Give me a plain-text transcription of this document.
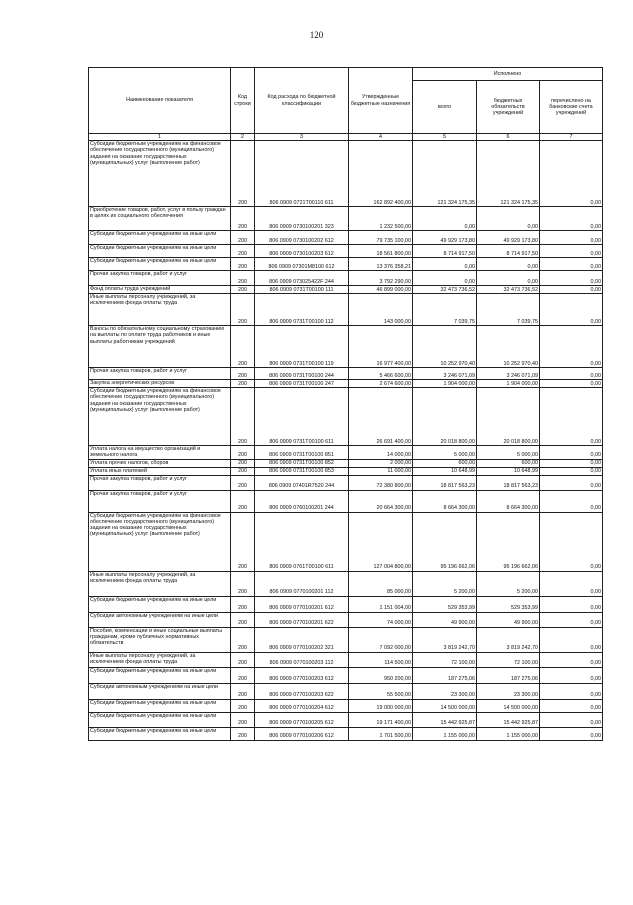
120
Наименование показателя	Код строки	Код расхода по бюджетной классификации	Утвержденные бюджетные назначения	Исполнено		
				всего	бюджетных обязательств учреждений	перечислено на банковские счета учреждений
1	2	3	4	5	6	7
Субсидии бюджетным учреждениям на финансовое обеспечение государственного (муниципального) задания на оказание государственных (муниципальных) услуг (выполнение работ)	200	806 0909 0721Т00110 611	162 892 400,00	121 324 175,35	121 324 175,35	0,00
Приобретение товаров, работ, услуг в пользу граждан в целях их социального обеспечения	200	806 0909 0730100201 323	1 232 500,00	0,00	0,00	0,00
Субсидии бюджетным учреждениям на иные цели	200	806 0909 0730100202 612	79 735 100,00	49 929 173,80	49 929 173,80	0,00
Субсидии бюджетным учреждениям на иные цели	200	806 0909 0730100203 612	18 561 800,00	8 714 917,50	8 714 917,50	0,00
Субсидии бюджетным учреждениям на иные цели	200	806 0909 07301М8100 612	13 376 358,21	0,00	0,00	0,00
Прочая закупка товаров, работ и услуг	200	806 0909 073025422F 244	3 792 290,00	0,00	0,00	0,00
Фонд оплаты труда учреждений	200	806 0909 0731Т00100 111	46 899 000,00	32 473 736,52	32 473 736,52	0,00
Иные выплаты персоналу учреждений, за исключением фонда оплаты труда	200	806 0909 0731Т00100 112	143 000,00	7 039,75	7 039,75	0,00
Взносы по обязательному социальному страхованию на выплаты по оплате труда работников и иные выплаты работникам учреждений	200	806 0909 0731Т00100 119	16 977 400,00	10 252 970,40	10 252 970,40	0,00
Прочая закупка товаров, работ и услуг	200	806 0909 0731Т00100 244	5 466 600,00	3 246 071,09	3 246 071,09	0,00
Закупка энергетических ресурсов	200	806 0909 0731Т00100 247	2 674 600,00	1 904 000,00	1 904 000,00	0,00
Субсидии бюджетным учреждениям на финансовое обеспечение государственного (муниципального) задания на оказание государственных (муниципальных) услуг (выполнение работ)	200	806 0909 0731Т00100 611	26 691 400,00	20 018 800,00	20 018 800,00	0,00
Уплата налога на имущество организаций и земельного налога	200	806 0909 0731Т00100 851	14 000,00	5 000,00	5 000,00	0,00
Уплата прочих налогов, сборов	200	806 0909 0731Т00100 852	2 000,00	600,00	600,00	0,00
Уплата иных платежей	200	806 0909 0731Т00100 853	11 000,00	10 648,99	10 648,99	0,00
Прочая закупка товаров, работ и услуг	200	806 0909 07401R7520 244	72 380 800,00	18 817 563,23	18 817 563,23	0,00
Прочая закупка товаров, работ и услуг	200	806 0909 0760100201 244	20 664 300,00	8 664 300,00	8 664 300,00	0,00
Субсидии бюджетным учреждениям на финансовое обеспечение государственного (муниципального) задания на оказание государственных (муниципальных) услуг (выполнение работ)	200	806 0909 0761Т00100 611	127 004 800,00	95 196 662,06	95 196 662,06	0,00
Иные выплаты персоналу учреждений, за исключением фонда оплаты труда	200	806 0909 0770100201 112	85 000,00	5 200,00	5 200,00	0,00
Субсидии бюджетным учреждениям на иные цели	200	806 0909 0770100201 612	1 151 004,00	529 353,99	529 353,99	0,00
Субсидии автономным учреждениям на иные цели	200	806 0909 0770100201 622	74 000,00	49 900,00	49 900,00	0,00
Пособия, компенсации и иные социальные выплаты гражданам, кроме публичных нормативных обязательств	200	806 0909 0770100202 321	7 092 000,00	3 819 242,70	3 819 242,70	0,00
Иные выплаты персоналу учреждений, за исключением фонда оплаты труда	200	806 0909 0770100203 112	114 500,00	72 100,00	72 100,00	0,00
Субсидии бюджетным учреждениям на иные цели	200	806 0909 0770100203 612	950 200,00	187 275,06	187 275,06	0,00
Субсидии автономным учреждениям на иные цели	200	806 0909 0770100203 622	55 500,00	23 300,00	23 300,00	0,00
Субсидии бюджетным учреждениям на иные цели	200	806 0909 0770100204 612	19 000 000,00	14 500 000,00	14 500 000,00	0,00
Субсидии бюджетным учреждениям на иные цели	200	806 0909 0770100205 612	19 171 400,00	15 442 925,87	15 442 925,87	0,00
Субсидии бюджетным учреждениям на иные цели	200	806 0909 0770100206 612	1 701 500,00	1 155 000,00	1 155 000,00	0,00
